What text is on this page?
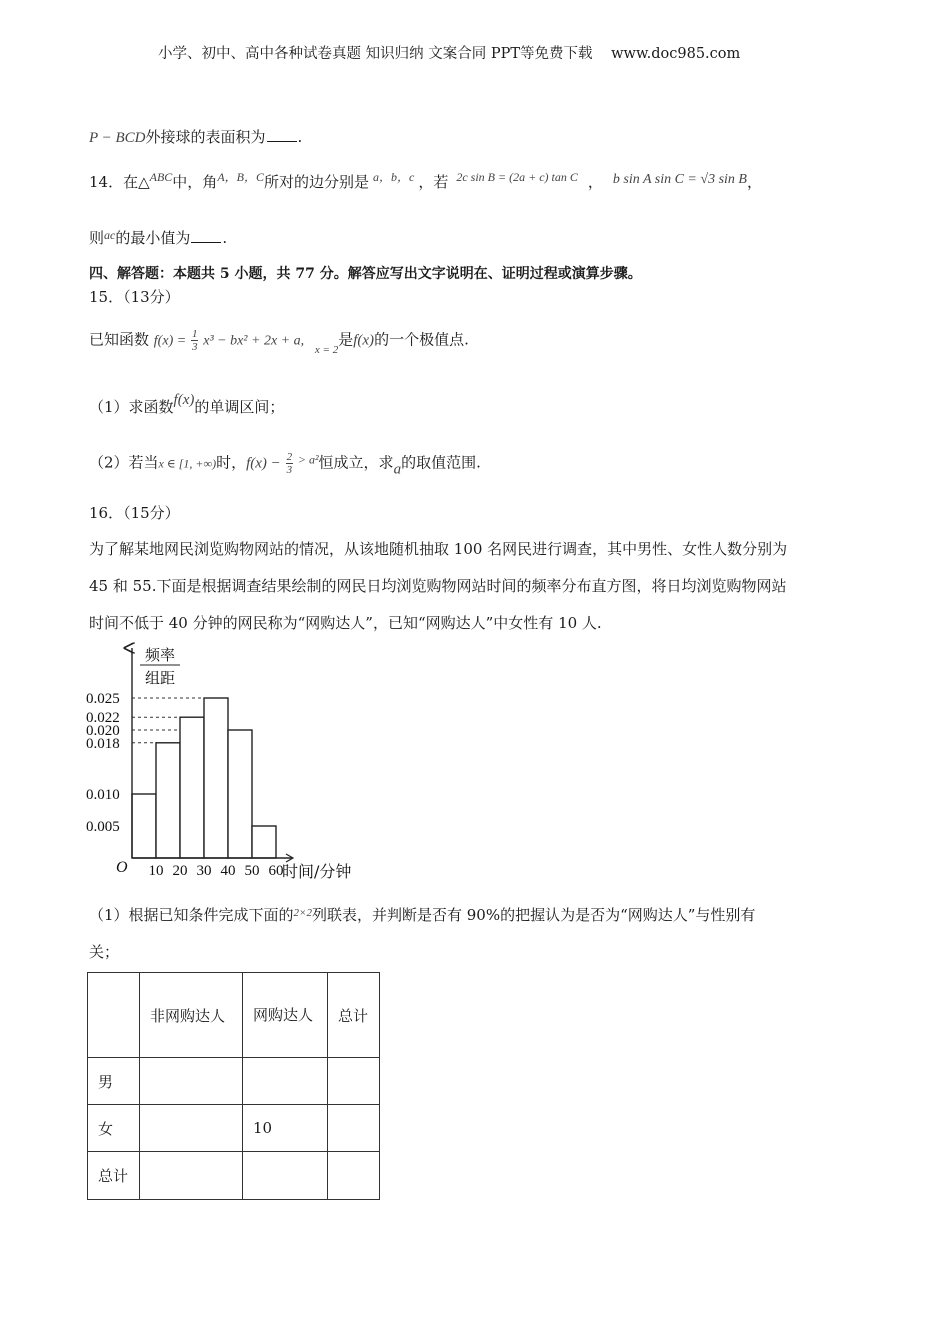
小学、初中、高中各种试卷真题 知识归纳 文案合同 PPT等免费下载 www.doc985.com
P − BCD外接球的表面积为 .
14．在△$^{ABC}$中，角$^{A,B,C}$所对的边分别是 $^{a,b,c}$ ，若 $^{2c sin B = (2a + c) tan C}$ ， b sin A sin C = √3 sin B，
则$^{ac}$的最小值为 .
四、解答题：本题共 5 小题，共 77 分。解答应写出文字说明在、证明过程或演算步骤。
15．（13分）
已知函数 $f(x) = \frac{1}{3} x^3 - bx^2 + 2x + a$, $_{x = 2}$是f(x)的一个极值点.
（1）求函数f(x)的单调区间；
（2）若当x ∈ [1, +∞)时，$f(x) - \frac{2}{3} ^{> a^2}$恒成立，求a的取值范围.
16．（15分）
为了解某地网民浏览购物网站的情况，从该地随机抽取 100 名网民进行调查，其中男性、女性人数分别为
45 和 55.下面是根据调查结果绘制的网民日均浏览购物网站时间的频率分布直方图，将日均浏览购物网站
时间不低于 40 分钟的网民称为“网购达人”，已知“网购达人”中女性有 10 人.
0.025
0.022
0.020
0.018
0.010
0.005
10 20 30 40 50 60
O	时间/分钟
频率
组距
（1）根据已知条件完成下面的$^{2\times 2}$列联表，并判断是否有 90%的把握认为是否为“网购达人”与性别有
关；
	非网购达人	网购达人	总计
男			
女		10	
总计			
